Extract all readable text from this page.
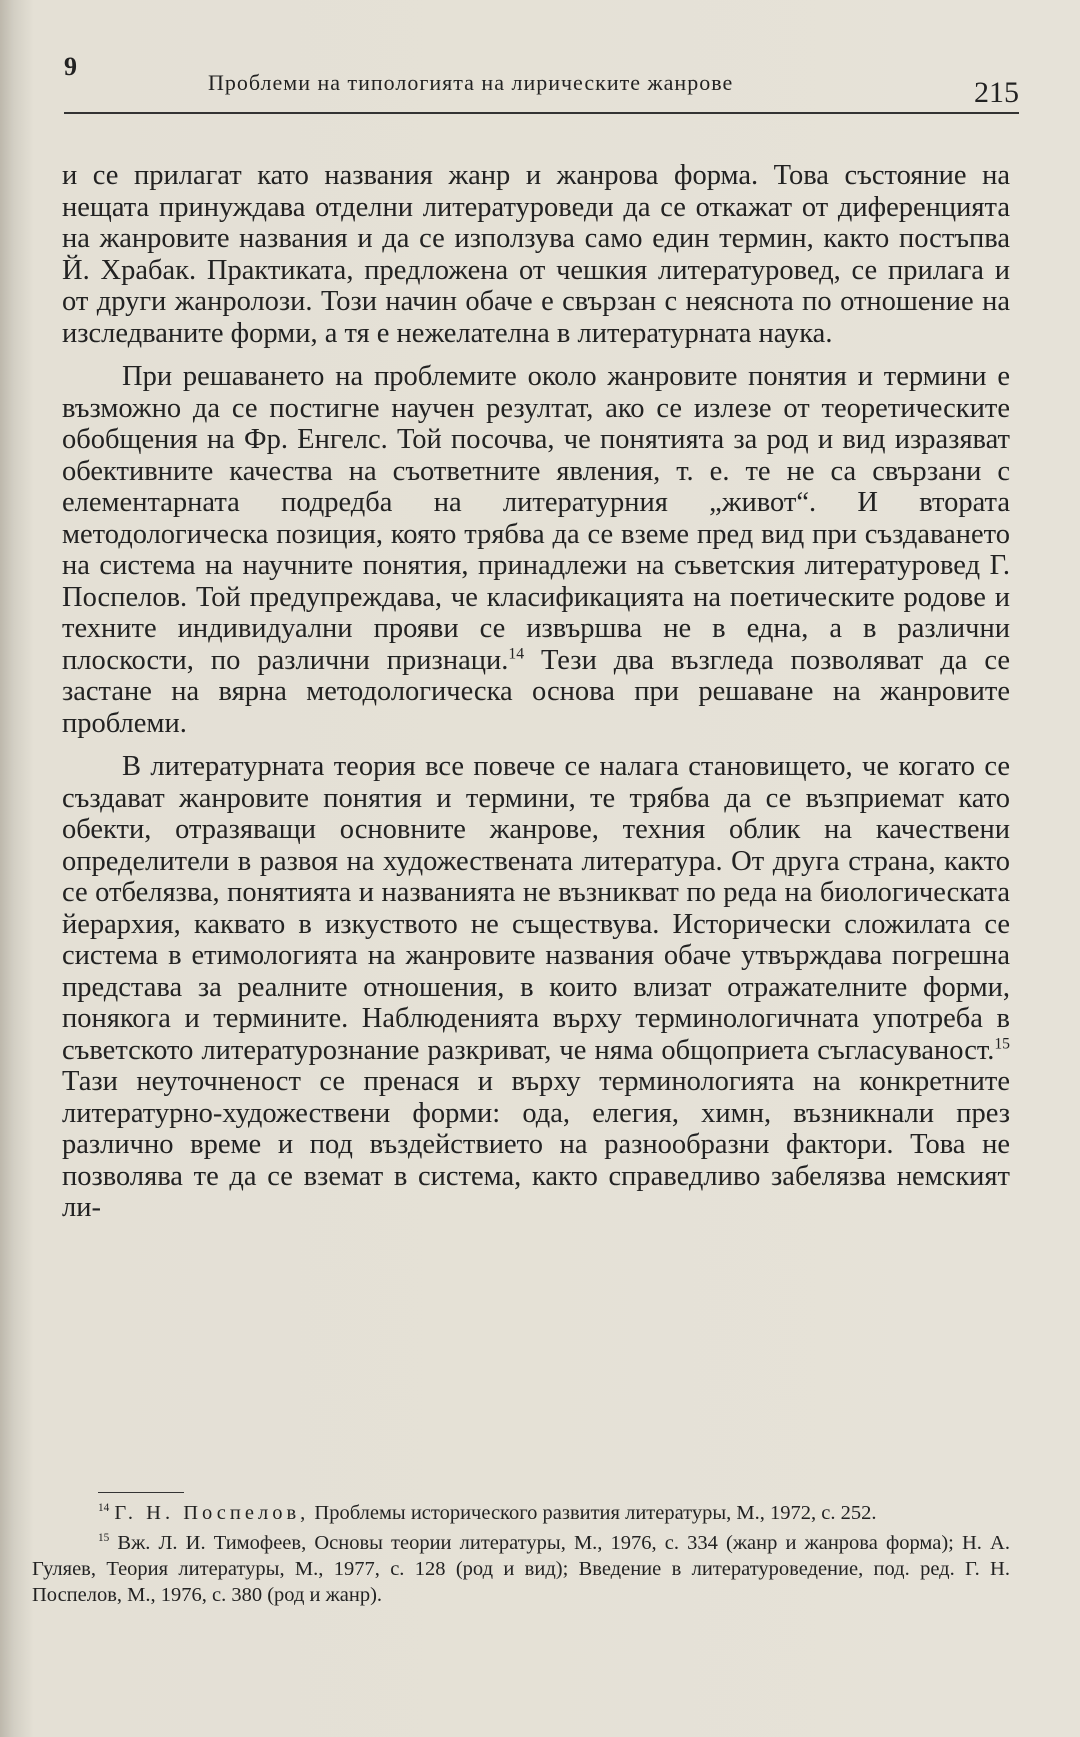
9
Проблеми на типологията на лирическите жанрове	215

и се прилагат като названия жанр и жанрова форма. Това състояние на нещата принуждава отделни литературоведи да се откажат от диференцията на жанровите названия и да се използува само един термин, както постъпва Й. Храбак. Практиката, предложена от чешкия литературовед, се прилага и от други жанролози. Този начин обаче е свързан с неяснота по отношение на изследваните форми, а тя е нежелателна в литературната наука.

При решаването на проблемите около жанровите понятия и термини е възможно да се постигне научен резултат, ако се излезе от теоретическите обобщения на Фр. Енгелс. Той посочва, че понятията за род и вид изразяват обективните качества на съответните явления, т. е. те не са свързани с елементарната подредба на литературния „живот“. И втората методологическа позиция, която трябва да се вземе пред вид при създаването на система на научните понятия, принадлежи на съветския литературовед Г. Поспелов. Той предупреждава, че класификацията на поетическите родове и техните индивидуални прояви се извършва не в една, а в различни плоскости, по различни признаци.$^{14}$ Тези два възгледа позволяват да се застане на вярна методологическа основа при решаване на жанровите проблеми.

В литературната теория все повече се налага становището, че когато се създават жанровите понятия и термини, те трябва да се възприемат като обекти, отразяващи основните жанрове, техния облик на качествени определители в развоя на художествената литература. От друга страна, както се отбелязва, понятията и названията не възникват по реда на биологическата йерархия, каквато в изкуството не съществува. Исторически сложилата се система в етимологията на жанровите названия обаче утвърждава погрешна представа за реалните отношения, в които влизат отражателните форми, понякога и термините. Наблюденията върху терминологичната употреба в съветското литературознание разкриват, че няма общоприета съгласуваност.$^{15}$ Тази неуточненост се пренася и върху терминологията на конкретните литературно-художествени форми: ода, елегия, химн, възникнали през различно време и под въздействието на разнообразни фактори. Това не позволява те да се вземат в система, както справедливо забелязва немският ли-

$^{14}$ Г. Н. Поспелов, Проблемы исторического развития литературы, М., 1972, с. 252.

$^{15}$ Вж. Л. И. Тимофеев, Основы теории литературы, М., 1976, с. 334 (жанр и жанрова форма); Н. А. Гуляев, Теория литературы, М., 1977, с. 128 (род и вид); Введение в литературоведение, под. ред. Г. Н. Поспелов, М., 1976, с. 380 (род и жанр).
